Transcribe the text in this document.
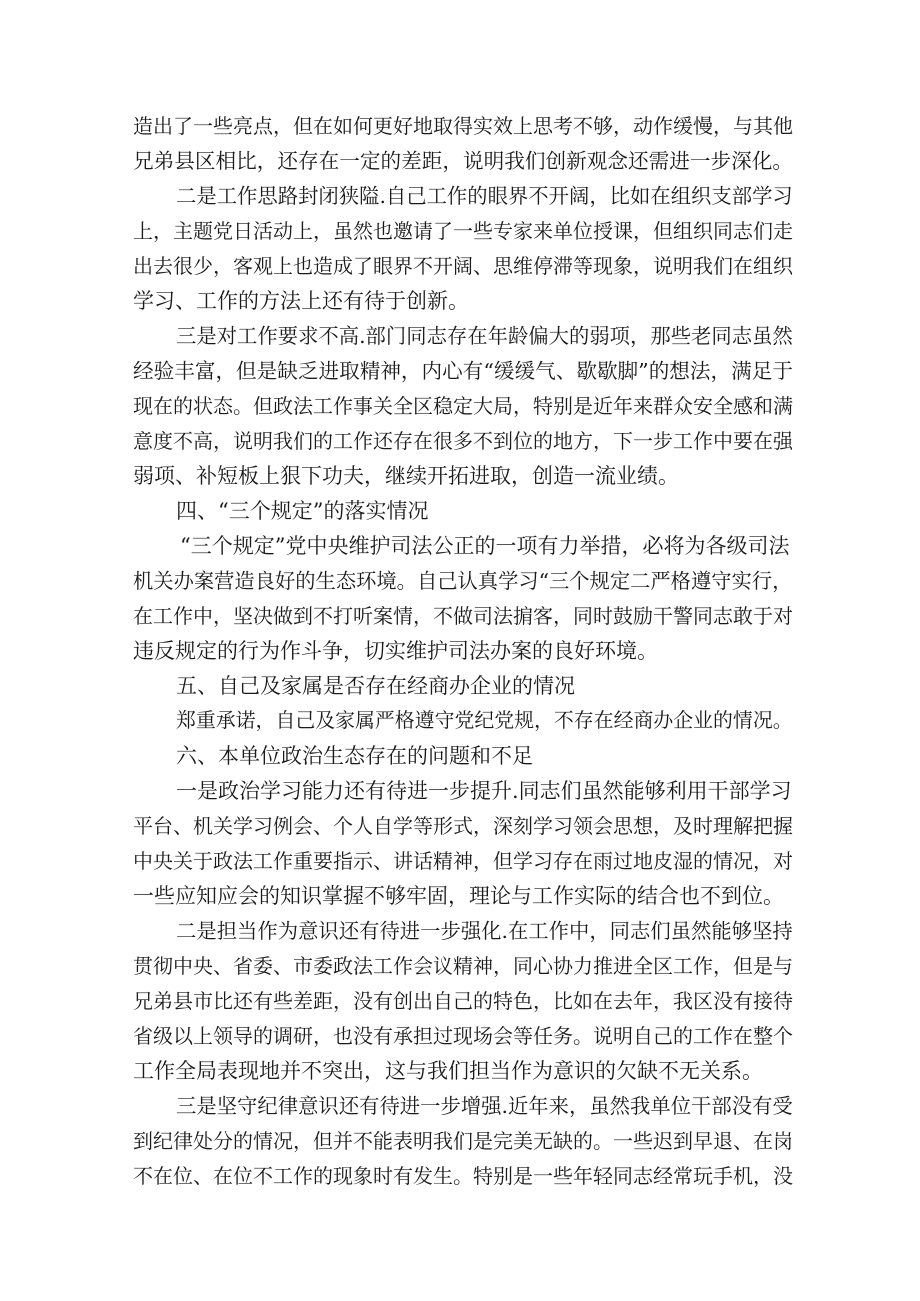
造出了一些亮点，但在如何更好地取得实效上思考不够，动作缓慢，与其他

兄弟县区相比，还存在一定的差距，说明我们创新观念还需进一步深化。

二是工作思路封闭狭隘.自己工作的眼界不开阔，比如在组织支部学习

上，主题党日活动上，虽然也邀请了一些专家来单位授课，但组织同志们走

出去很少，客观上也造成了眼界不开阔、思维停滞等现象，说明我们在组织

学习、工作的方法上还有待于创新。

三是对工作要求不高.部门同志存在年龄偏大的弱项，那些老同志虽然

经验丰富，但是缺乏进取精神，内心有“缓缓气、歇歇脚”的想法，满足于

现在的状态。但政法工作事关全区稳定大局，特别是近年来群众安全感和满

意度不高，说明我们的工作还存在很多不到位的地方，下一步工作中要在强

弱项、补短板上狠下功夫，继续开拓进取，创造一流业绩。

四、“三个规定”的落实情况

“三个规定”党中央维护司法公正的一项有力举措，必将为各级司法

机关办案营造良好的生态环境。自己认真学习“三个规定二严格遵守实行，

在工作中，坚决做到不打听案情，不做司法掮客，同时鼓励干警同志敢于对

违反规定的行为作斗争，切实维护司法办案的良好环境。

五、自己及家属是否存在经商办企业的情况

郑重承诺，自己及家属严格遵守党纪党规，不存在经商办企业的情况。

六、本单位政治生态存在的问题和不足

一是政治学习能力还有待进一步提升.同志们虽然能够利用干部学习

平台、机关学习例会、个人自学等形式，深刻学习领会思想，及时理解把握

中央关于政法工作重要指示、讲话精神，但学习存在雨过地皮湿的情况，对

一些应知应会的知识掌握不够牢固，理论与工作实际的结合也不到位。

二是担当作为意识还有待进一步强化.在工作中，同志们虽然能够坚持

贯彻中央、省委、市委政法工作会议精神，同心协力推进全区工作，但是与

兄弟县市比还有些差距，没有创出自己的特色，比如在去年，我区没有接待

省级以上领导的调研，也没有承担过现场会等任务。说明自己的工作在整个

工作全局表现地并不突出，这与我们担当作为意识的欠缺不无关系。

三是坚守纪律意识还有待进一步增强.近年来，虽然我单位干部没有受

到纪律处分的情况，但并不能表明我们是完美无缺的。一些迟到早退、在岗

不在位、在位不工作的现象时有发生。特别是一些年轻同志经常玩手机，没
